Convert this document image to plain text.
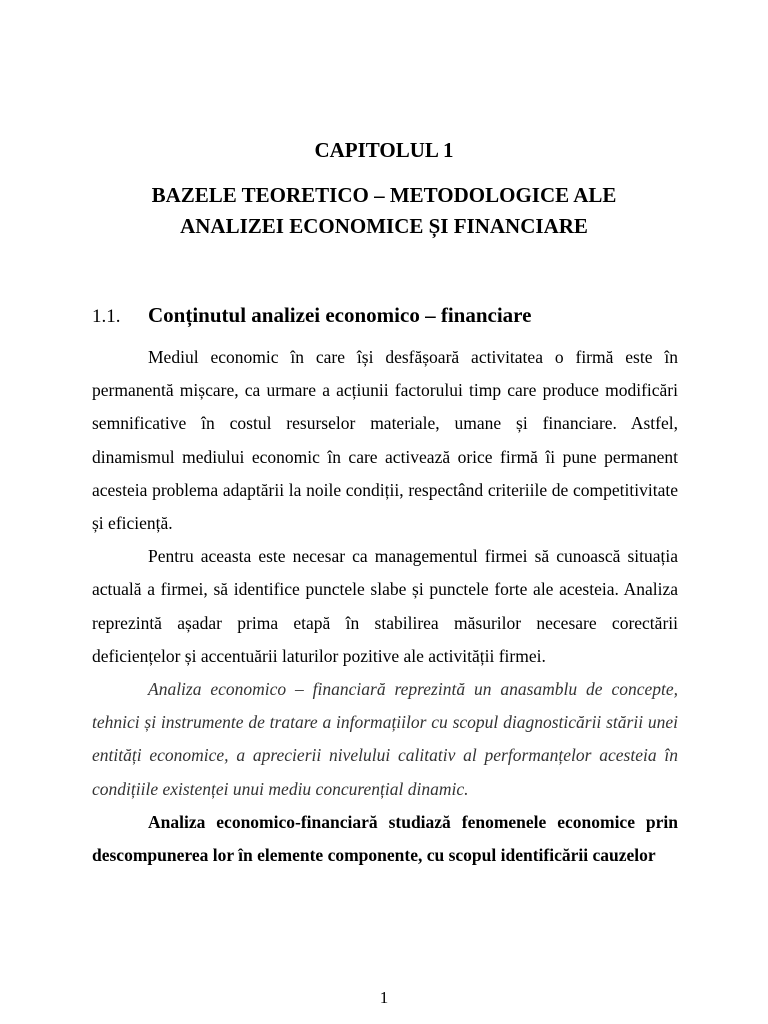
CAPITOLUL 1
BAZELE TEORETICO – METODOLOGICE ALE
ANALIZEI ECONOMICE ȘI FINANCIARE
1.1. Conținutul analizei economico – financiare

Mediul economic în care își desfășoară activitatea o firmă este în permanentă mișcare, ca urmare a acțiunii factorului timp care produce modificări semnificative în costul resurselor materiale, umane și financiare. Astfel, dinamismul mediului economic în care activează orice firmă îi pune permanent acesteia problema adaptării la noile condiții, respectând criteriile de competitivitate și eficiență.

Pentru aceasta este necesar ca managementul firmei să cunoască situația actuală a firmei, să identifice punctele slabe și punctele forte ale acesteia. Analiza reprezintă așadar prima etapă în stabilirea măsurilor necesare corectării deficiențelor și accentuării laturilor pozitive ale activității firmei.

Analiza economico – financiară reprezintă un anasamblu de concepte, tehnici și instrumente de tratare a informațiilor cu scopul diagnosticării stării unei entități economice, a aprecierii nivelului calitativ al performanțelor acesteia în condițiile existenței unui mediu concurențial dinamic.

Analiza economico-financiară studiază fenomenele economice prin descompunerea lor în elemente componente, cu scopul identificării cauzelor

1
